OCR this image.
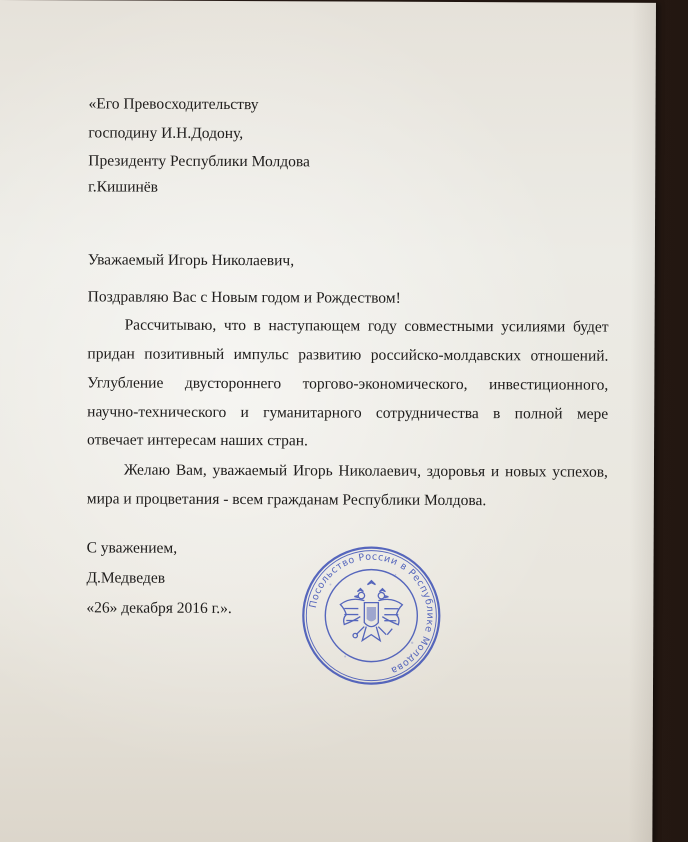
«Его Превосходительству
господину И.Н.Додону,
Президенту Республики Молдова
г.Кишинёв
Уважаемый Игорь Николаевич,
Поздравляю Вас с Новым годом и Рождеством!
Рассчитываю, что в наступающем году совместными усилиями будет
придан позитивный импульс развитию российско-молдавских отношений.
Углубление двустороннего торгово-экономического, инвестиционного,
научно-технического и гуманитарного сотрудничества в полной мере
отвечает интересам наших стран.
Желаю Вам, уважаемый Игорь Николаевич, здоровья и новых успехов,
мира и процветания - всем гражданам Республики Молдова.
С уважением,
Д.Медведев
«26» декабря 2016 г.».	Посольство России в Республике Молдова
